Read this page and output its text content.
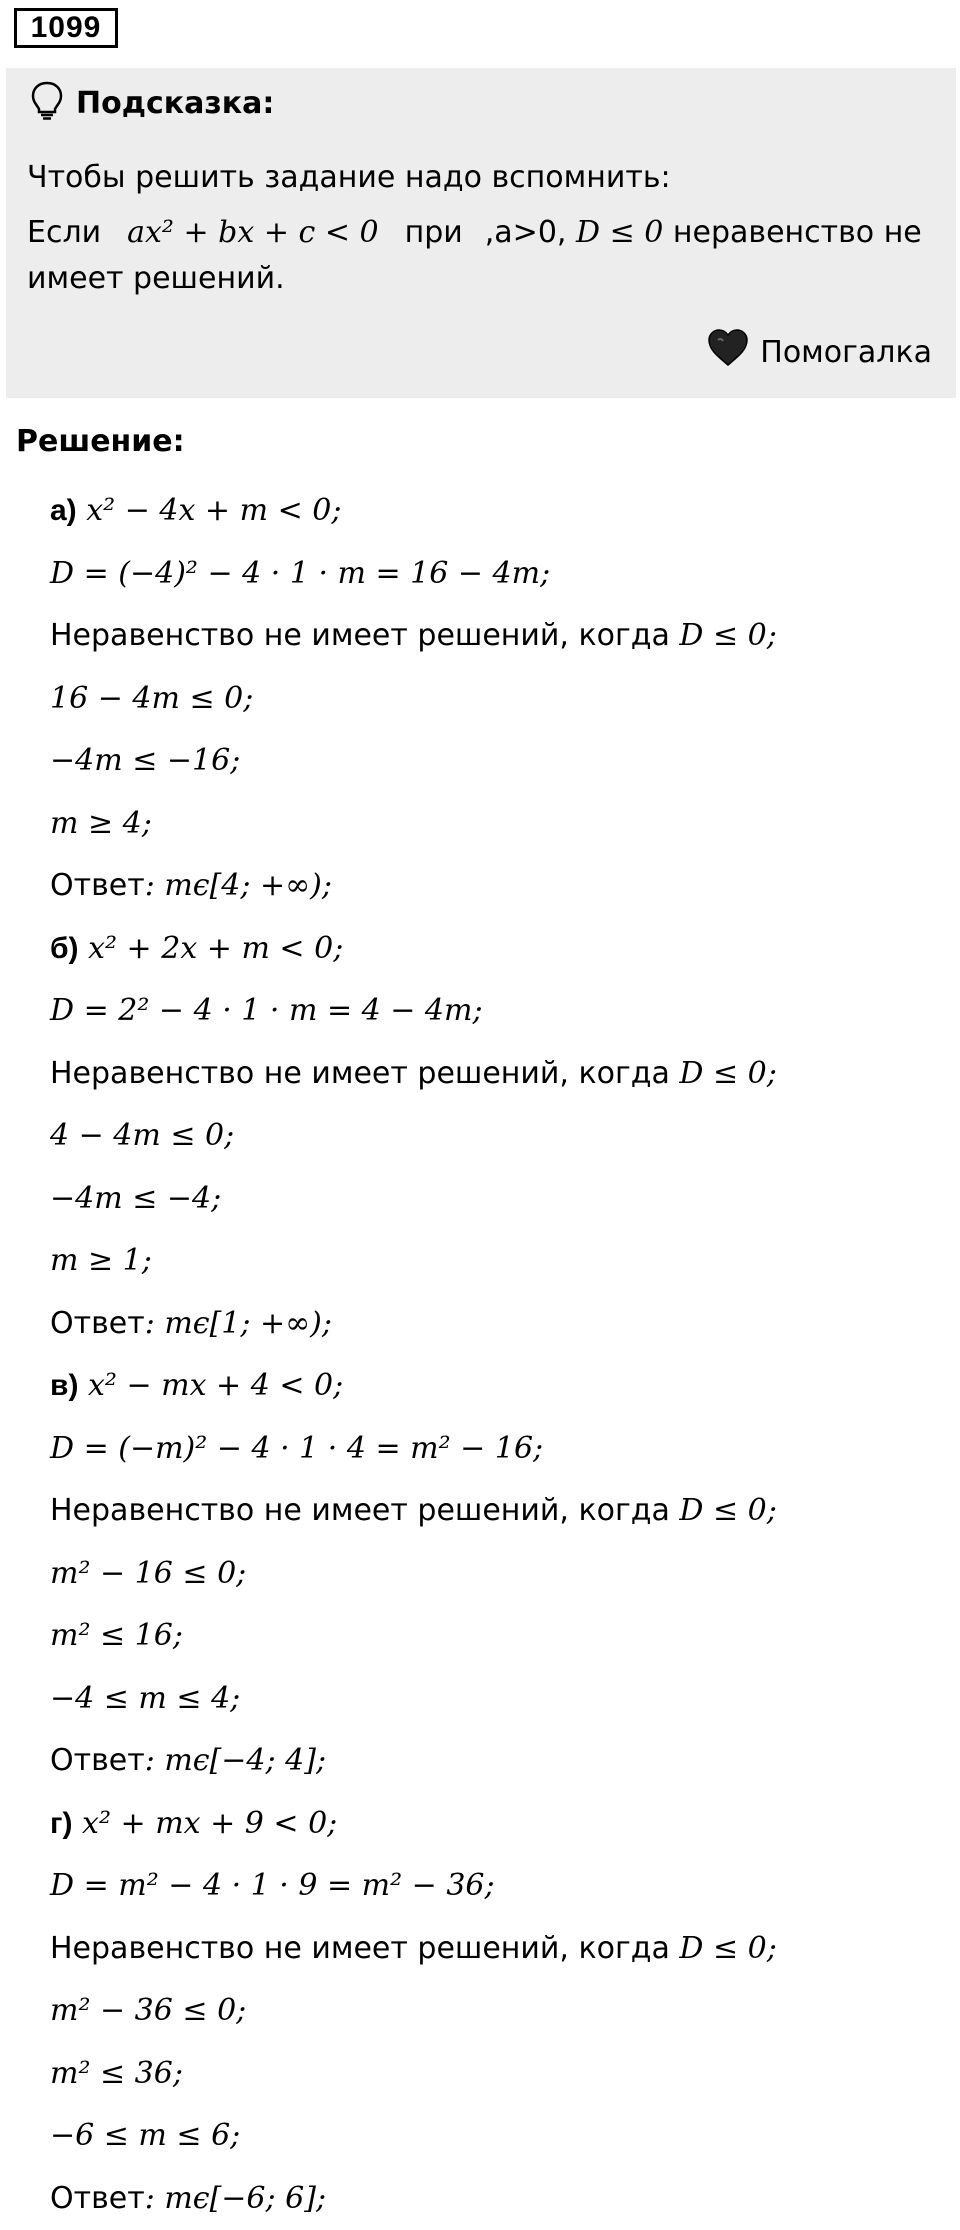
1099
Подсказка:
Чтобы решить задание надо вспомнить:
Если ax² + bx + c < 0 при ,a>0, D ≤ 0 неравенство не имеет решений.
Помогалка
Решение:
а) x² − 4x + m < 0;
D = (−4)² − 4 · 1 · m = 16 − 4m;
Неравенство не имеет решений, когда D ≤ 0;
16 − 4m ≤ 0;
−4m ≤ −16;
m ≥ 4;
Ответ: mϵ[4; +∞);
б) x² + 2x + m < 0;
D = 2² − 4 · 1 · m = 4 − 4m;
Неравенство не имеет решений, когда D ≤ 0;
4 − 4m ≤ 0;
−4m ≤ −4;
m ≥ 1;
Ответ: mϵ[1; +∞);
в) x² − mx + 4 < 0;
D = (−m)² − 4 · 1 · 4 = m² − 16;
Неравенство не имеет решений, когда D ≤ 0;
m² − 16 ≤ 0;
m² ≤ 16;
−4 ≤ m ≤ 4;
Ответ: mϵ[−4; 4];
г) x² + mx + 9 < 0;
D = m² − 4 · 1 · 9 = m² − 36;
Неравенство не имеет решений, когда D ≤ 0;
m² − 36 ≤ 0;
m² ≤ 36;
−6 ≤ m ≤ 6;
Ответ: mϵ[−6; 6];
